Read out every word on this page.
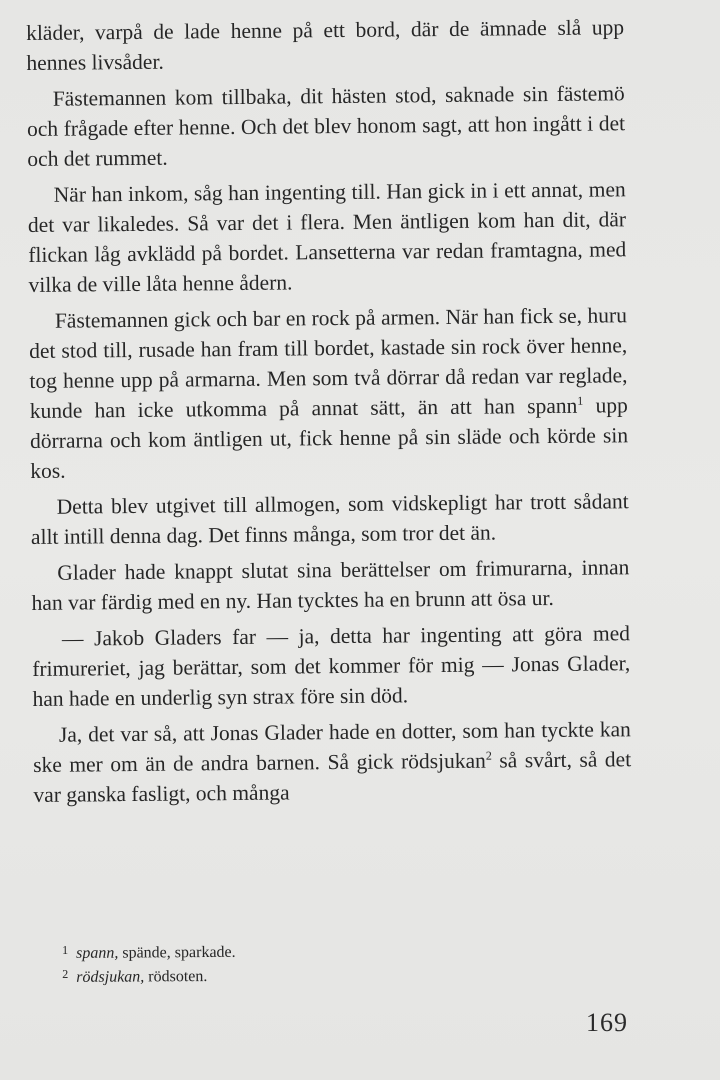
kläder, varpå de lade henne på ett bord, där de ämnade slå upp hennes livsåder.

Fästemannen kom tillbaka, dit hästen stod, saknade sin fästemö och frågade efter henne. Och det blev honom sagt, att hon ingått i det och det rummet.

När han inkom, såg han ingenting till. Han gick in i ett annat, men det var likaledes. Så var det i flera. Men äntligen kom han dit, där flickan låg avklädd på bordet. Lansetterna var redan framtagna, med vilka de ville låta henne ådern.

Fästemannen gick och bar en rock på armen. När han fick se, huru det stod till, rusade han fram till bordet, kastade sin rock över henne, tog henne upp på armarna. Men som två dörrar då redan var reglade, kunde han icke utkomma på annat sätt, än att han spann$^1$ upp dörrarna och kom äntligen ut, fick henne på sin släde och körde sin kos.

Detta blev utgivet till allmogen, som vidskepligt har trott sådant allt intill denna dag. Det finns många, som tror det än.

Glader hade knappt slutat sina berättelser om frimurarna, innan han var färdig med en ny. Han tycktes ha en brunn att ösa ur.

— Jakob Gladers far — ja, detta har ingenting att göra med frimureriet, jag berättar, som det kommer för mig — Jonas Glader, han hade en underlig syn strax före sin död.

Ja, det var så, att Jonas Glader hade en dotter, som han tyckte kan ske mer om än de andra barnen. Så gick rödsjukan$^2$ så svårt, så det var ganska fasligt, och många

1 spann, spände, sparkade.
2 rödsjukan, rödsoten.
169
